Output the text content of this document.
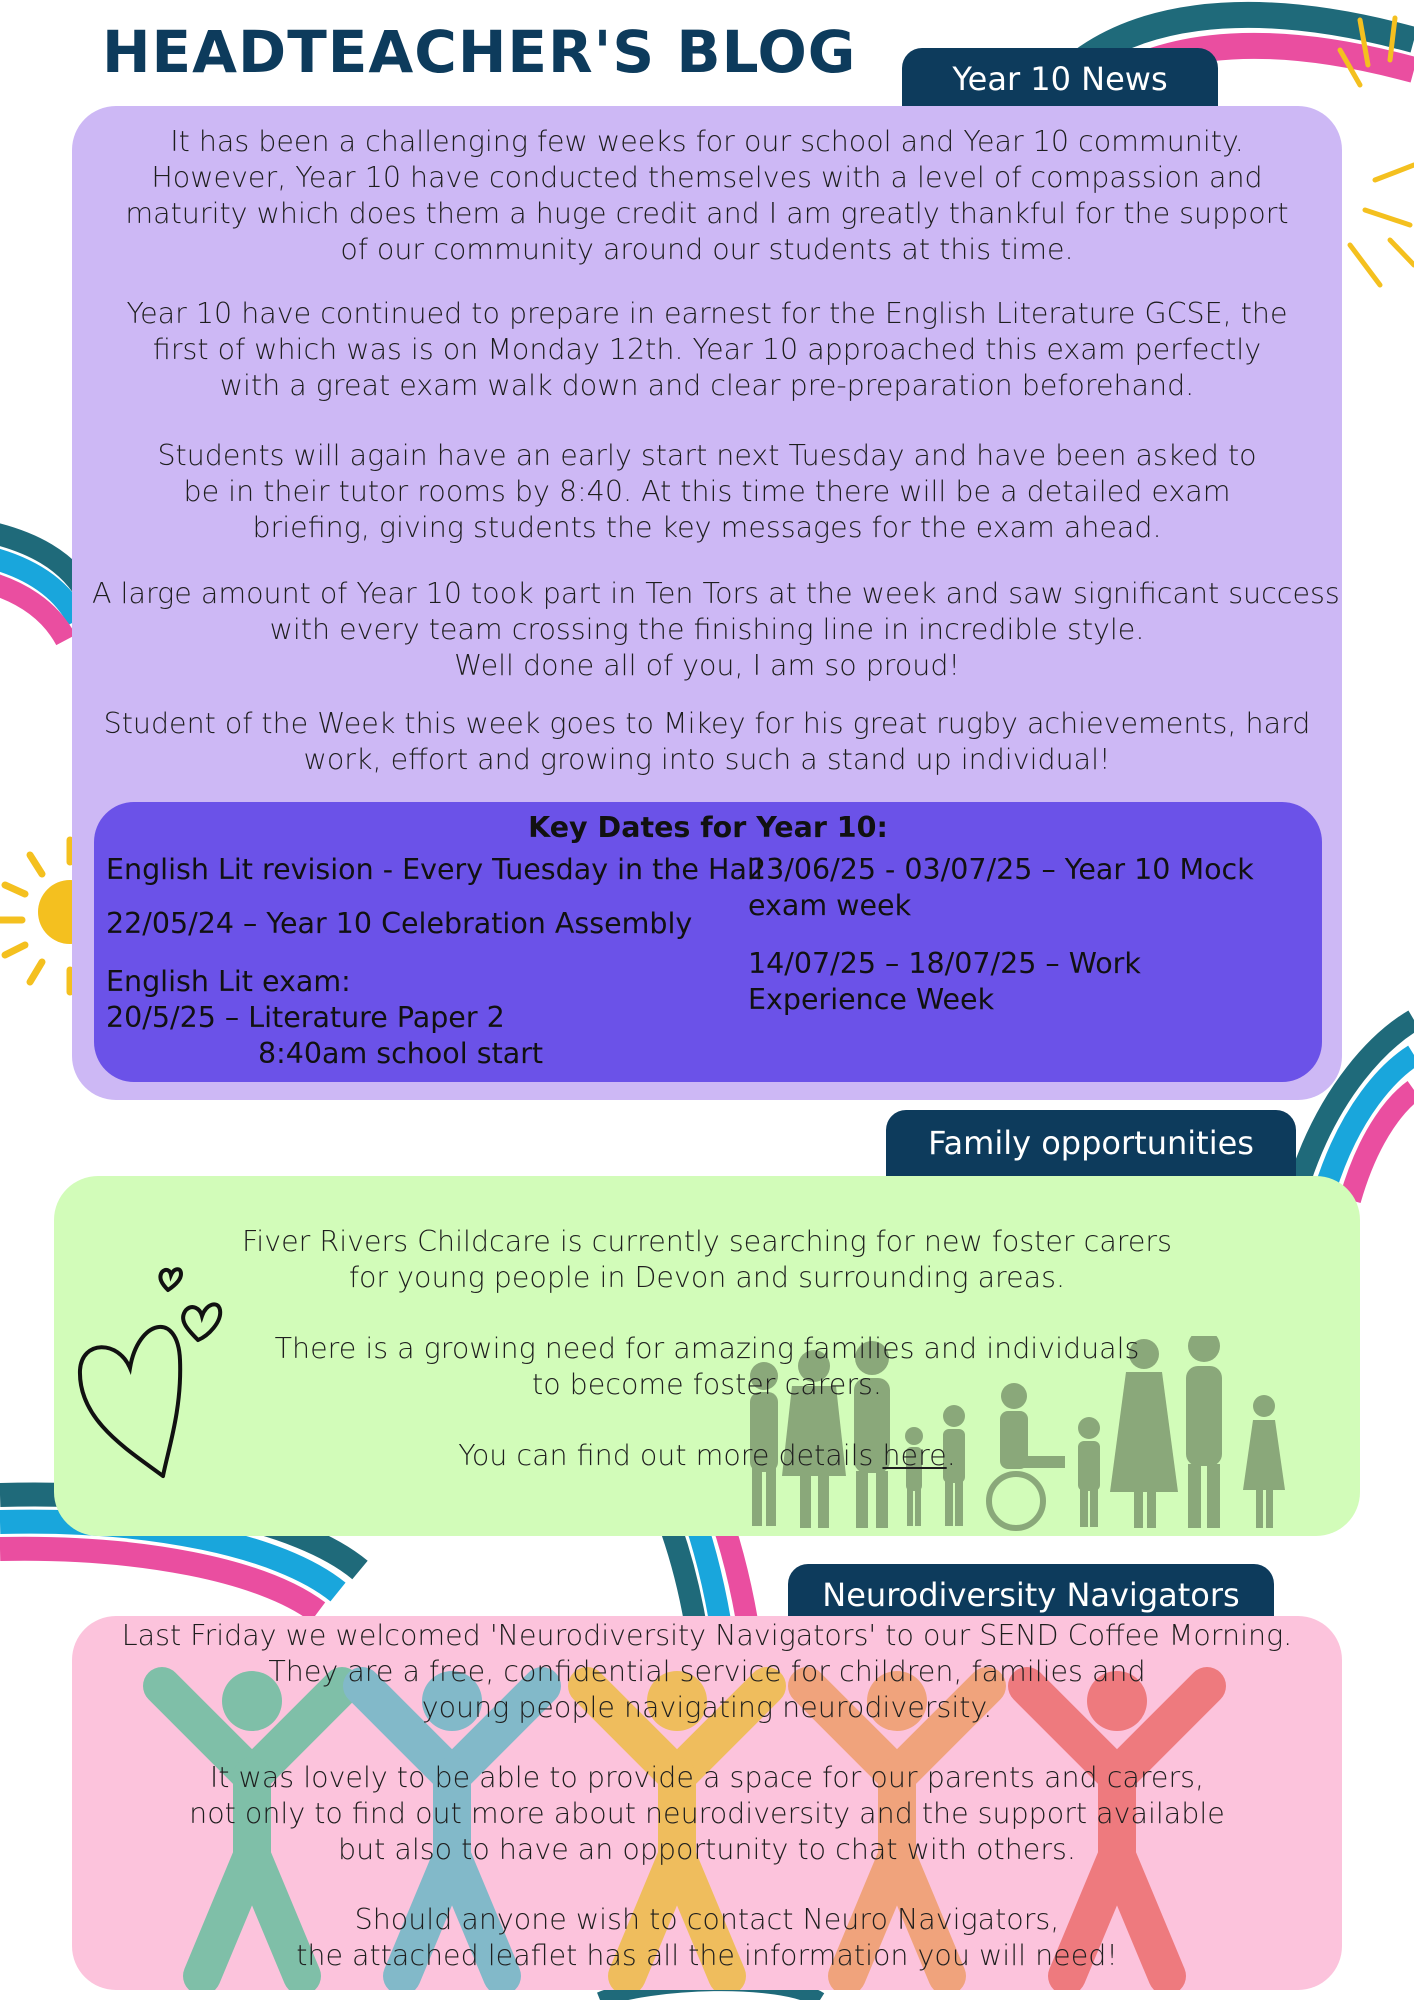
HEADTEACHER'S BLOG	Year 10 News
It has been a challenging few weeks for our school and Year 10 community.
However, Year 10 have conducted themselves with a level of compassion and
maturity which does them a huge credit and I am greatly thankful for the support
of our community around our students at this time.
Year 10 have continued to prepare in earnest for the English Literature GCSE, the
first of which was is on Monday 12th. Year 10 approached this exam perfectly
with a great exam walk down and clear pre-preparation beforehand.
Students will again have an early start next Tuesday and have been asked to
be in their tutor rooms by 8:40. At this time there will be a detailed exam
briefing, giving students the key messages for the exam ahead.
A large amount of Year 10 took part in Ten Tors at the week and saw significant success
with every team crossing the finishing line in incredible style.
Well done all of you, I am so proud!
Student of the Week this week goes to Mikey for his great rugby achievements, hard
work, effort and growing into such a stand up individual!
Key Dates for Year 10:
English Lit revision - Every Tuesday in the Hall
22/05/24 – Year 10 Celebration Assembly
English Lit exam:
20/5/25 – Literature Paper 2
8:40am school start
23/06/25 - 03/07/25 – Year 10 Mock
exam week
14/07/25 – 18/07/25 – Work
Experience Week
Family opportunities
Fiver Rivers Childcare is currently searching for new foster carers
for young people in Devon and surrounding areas.
There is a growing need for amazing families and individuals
to become foster carers.
You can find out more details here.
Neurodiversity Navigators
Last Friday we welcomed 'Neurodiversity Navigators' to our SEND Coffee Morning.
They are a free, confidential service for children, families and
young people navigating neurodiversity.
It was lovely to be able to provide a space for our parents and carers,
not only to find out more about neurodiversity and the support available
but also to have an opportunity to chat with others.
Should anyone wish to contact Neuro Navigators,
the attached leaflet has all the information you will need!
